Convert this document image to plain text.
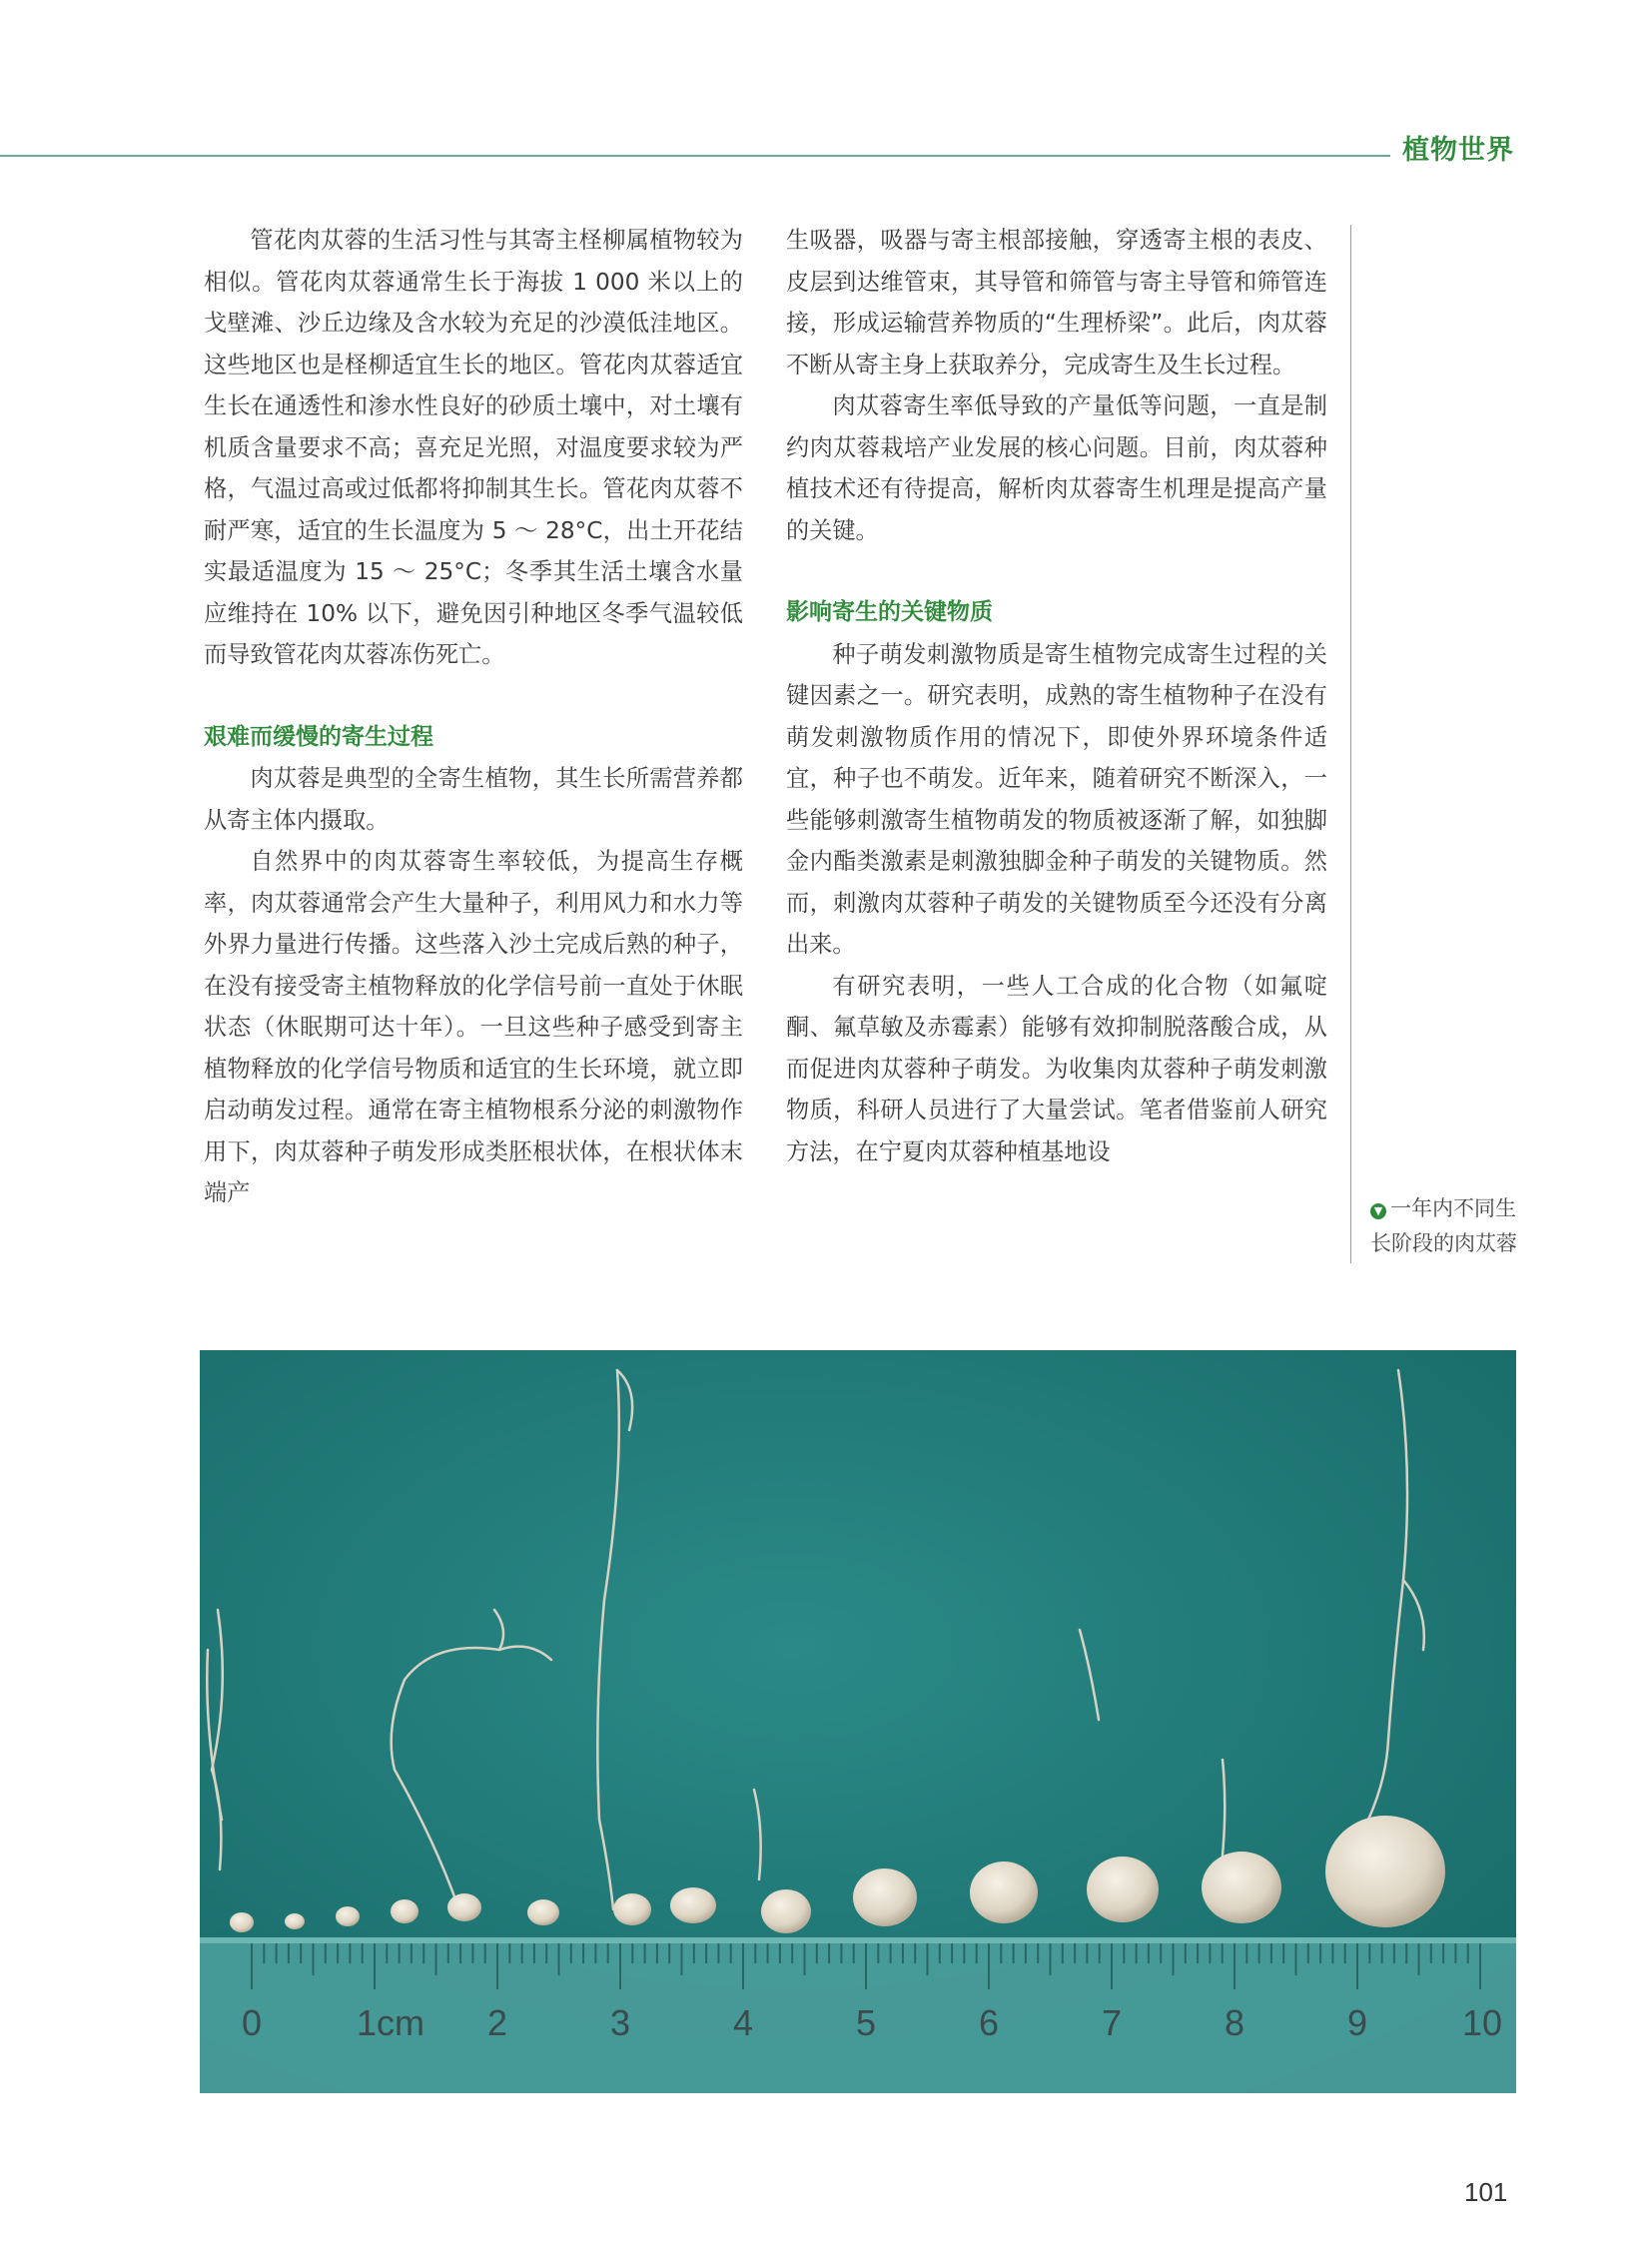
植物世界

管花肉苁蓉的生活习性与其寄主柽柳属植物较为相似。管花肉苁蓉通常生长于海拔 1 000 米以上的戈壁滩、沙丘边缘及含水较为充足的沙漠低洼地区。这些地区也是柽柳适宜生长的地区。管花肉苁蓉适宜生长在通透性和渗水性良好的砂质土壤中，对土壤有机质含量要求不高；喜充足光照，对温度要求较为严格，气温过高或过低都将抑制其生长。管花肉苁蓉不耐严寒，适宜的生长温度为 5 ～ 28°C，出土开花结实最适温度为 15 ～ 25°C；冬季其生活土壤含水量应维持在 10% 以下，避免因引种地区冬季气温较低而导致管花肉苁蓉冻伤死亡。

艰难而缓慢的寄生过程

肉苁蓉是典型的全寄生植物，其生长所需营养都从寄主体内摄取。

自然界中的肉苁蓉寄生率较低，为提高生存概率，肉苁蓉通常会产生大量种子，利用风力和水力等外界力量进行传播。这些落入沙土完成后熟的种子，在没有接受寄主植物释放的化学信号前一直处于休眠状态（休眠期可达十年）。一旦这些种子感受到寄主植物释放的化学信号物质和适宜的生长环境，就立即启动萌发过程。通常在寄主植物根系分泌的刺激物作用下，肉苁蓉种子萌发形成类胚根状体，在根状体末端产

生吸器，吸器与寄主根部接触，穿透寄主根的表皮、皮层到达维管束，其导管和筛管与寄主导管和筛管连接，形成运输营养物质的“生理桥梁”。此后，肉苁蓉不断从寄主身上获取养分，完成寄生及生长过程。

肉苁蓉寄生率低导致的产量低等问题，一直是制约肉苁蓉栽培产业发展的核心问题。目前，肉苁蓉种植技术还有待提高，解析肉苁蓉寄生机理是提高产量的关键。

影响寄生的关键物质

种子萌发刺激物质是寄生植物完成寄生过程的关键因素之一。研究表明，成熟的寄生植物种子在没有萌发刺激物质作用的情况下，即使外界环境条件适宜，种子也不萌发。近年来，随着研究不断深入，一些能够刺激寄生植物萌发的物质被逐渐了解，如独脚金内酯类激素是刺激独脚金种子萌发的关键物质。然而，刺激肉苁蓉种子萌发的关键物质至今还没有分离出来。

有研究表明，一些人工合成的化合物（如氟啶酮、氟草敏及赤霉素）能够有效抑制脱落酸合成，从而促进肉苁蓉种子萌发。为收集肉苁蓉种子萌发刺激物质，科研人员进行了大量尝试。笔者借鉴前人研究方法，在宁夏肉苁蓉种植基地设

▼ 一年内不同生长阶段的肉苁蓉
0	1cm 2	3	4	5	6	7	8	9	10
101
